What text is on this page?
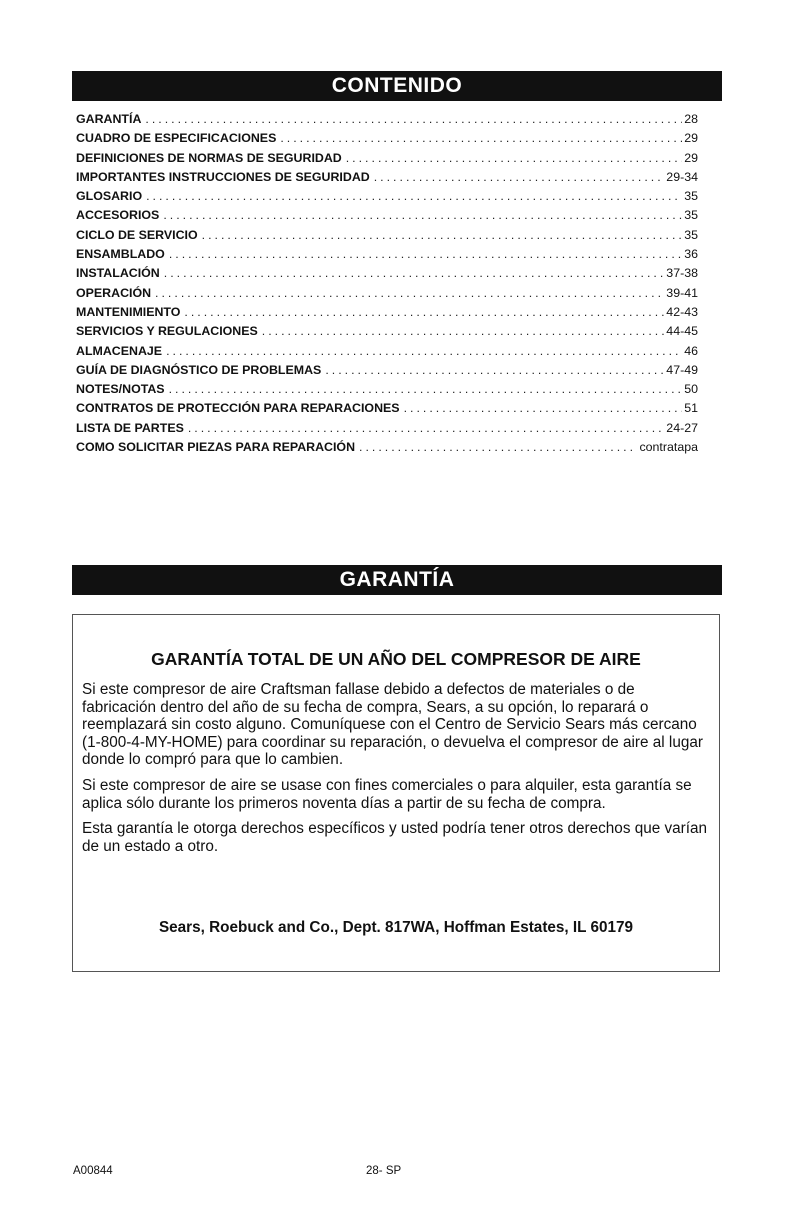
CONTENIDO
GARANTÍA .....	28
CUADRO DE ESPECIFICACIONES .....	29
DEFINICIONES DE NORMAS DE SEGURIDAD .....	29
IMPORTANTES INSTRUCCIONES DE SEGURIDAD .....	29-34
GLOSARIO .....	35
ACCESORIOS .....	35
CICLO DE SERVICIO .....	35
ENSAMBLADO .....	36
INSTALACIÓN .....	37-38
OPERACIÓN .....	39-41
MANTENIMIENTO .....	42-43
SERVICIOS Y REGULACIONES .....	44-45
ALMACENAJE .....	46
GUÍA DE DIAGNÓSTICO DE PROBLEMAS .....	47-49
NOTES/NOTAS .....	50
CONTRATOS DE PROTECCIÓN PARA REPARACIONES .....	51
LISTA DE PARTES .....	24-27
COMO SOLICITAR PIEZAS PARA REPARACIÓN .....	contratapa
GARANTÍA
GARANTÍA TOTAL DE UN AÑO DEL COMPRESOR DE AIRE

Si este compresor de aire Craftsman fallase debido a defectos de materiales o de fabricación dentro del año de su fecha de compra, Sears, a su opción, lo reparará o reemplazará sin costo alguno. Comuníquese con el Centro de Servicio Sears más cercano (1-800-4-MY-HOME) para coordinar su reparación, o devuelva el compresor de aire al lugar donde lo compró para que lo cambien.

Si este compresor de aire se usase con fines comerciales o para alquiler, esta garantía se aplica sólo durante los primeros noventa días a partir de su fecha de compra.

Esta garantía le otorga derechos específicos y usted podría tener otros derechos que varían de un estado a otro.

Sears, Roebuck and Co., Dept. 817WA, Hoffman Estates, IL 60179
A00844	28- SP
